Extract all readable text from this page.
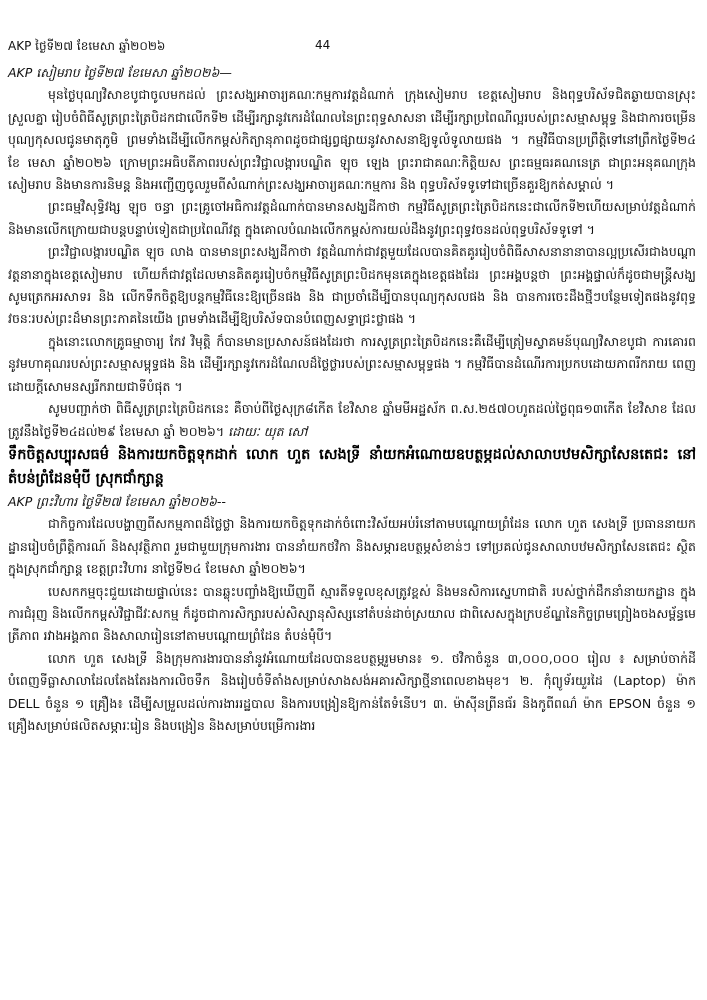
AKP ថ្ងៃទី២៧ ខែមេសា ឆ្នាំ២០២៦	44

AKP សៀមរាប ថ្ងៃទី២៧ ខែមេសា ឆ្នាំ២០២៦—

មុនថ្ងៃបុណ្យវិសាខបូជាចូលមកដល់ ព្រះសង្ឃអាចារ្យគណៈកម្មការវត្តដំណាក់ ក្រុងសៀមរាប ខេត្តសៀមរាប និងពុទ្ធបរិស័ទជិតឆ្ងាយបានស្រុះស្រួលគ្នា រៀបចំពិធីសូត្រព្រះត្រៃបិដកជាលើកទី២ ដើម្បីរក្សានូវកេរដំណែលនៃព្រះពុទ្ធសាសនា ដើម្បីរក្សាប្រពៃណីល្អរបស់ព្រះសម្មាសម្ពុទ្ធ និងជាការចម្រើនបុណ្យកុសលជូនមាតុភូមិ ព្រមទាំងដើម្បីលើកកម្ពស់កិត្យានុភាពដូចជាផ្សព្វផ្សាយនូវសាសនាឱ្យទូលំទូលាយផង ។ កម្មវិធីបានប្រព្រឹត្តិទៅនៅព្រឹកថ្ងៃទី២៤ ខែ មេសា ឆ្នាំ២០២៦ ក្រោមព្រះអធិបតីភាពរបស់ព្រះវិជ្ជាលង្ការបណ្ឌិត ឡុច ឡេង ព្រះរាជាគណៈកិត្តិយស ព្រះធម្មធរគណនេត្រ ជាព្រះអនុគណក្រុងសៀមរាប និងមានការនិមន្ត និងអញ្ជើញចូលរួមពីសំណាក់ព្រះសង្ឃអាចារ្យគណៈកម្មការ និង ពុទ្ធបរិស័ទទូទៅជាច្រើនគួរឱ្យកត់សម្គាល់ ។

ព្រះធម្មវិសុទ្ធិវង្ស ឡុច ចន្ធា ព្រះគ្រូចៅអធិការវត្តដំណាក់បានមានសង្ឃដីកាថា កម្មវិធីសូត្រព្រះត្រៃបិដកនេះជាលើកទី២ហើយសម្រាប់វត្តដំណាក់ និងមានលើកក្រោយជាបន្តបន្ទាប់ទៀតជាប្រពៃណីវត្ត ក្នុងគោលបំណងលើកកម្ពស់ការយល់ដឹងនូវព្រះពុទ្ធវចនដល់ពុទ្ធបរិស័ទទូទៅ ។

ព្រះវិជ្ជាលង្ការបណ្ឌិត ឡុច លាង បានមានព្រះសង្ឃដីកាថា វត្តដំណាក់ជាវត្តមួយដែលបានគិតគូររៀបចំពិធីសាសនានានាបានល្អប្រសើរជាងបណ្តាវត្តនានាក្នុងខេត្តសៀមរាប ហើយក៏ជាវត្តដែលមានគិតគូររៀបចំកម្មវិធីសូត្រព្រះបិដកមុនគេក្នុងខេត្តផងដែរ ព្រះអង្គបន្តថា ព្រះអង្គផ្ទាល់ក៏ដូចជាមន្ត្រីសង្ឃសូមត្រេកអរសាទរ និង លើកទឹកចិត្តឱ្យបន្តកម្មវិធីនេះឱ្យច្រើនផង និង ជាប្រចាំដើម្បីបានបុណ្យកុសលផង និង បានការចេះដឹងថ្មីៗបន្ថែមទៀតផងនូវពុទ្ធវចនៈរបស់ព្រះដ៏មានព្រះភាគនៃយើង ព្រមទាំងដើម្បីឱ្យបរិស័ទបានបំពេញសទ្ធាជ្រះថ្លាផង ។

ក្នុងនោះលោកគ្រូធម្មាចារ្យ កែវ វិមុត្តិ ក៏បានមានប្រសាសន៍ផងដែរថា ការសូត្រព្រះត្រៃបិដកនេះគឺដើម្បីត្រៀមស្វាគមន៍បុណ្យវិសាខបូជា ការគោរពនូវមហាគុណរបស់ព្រះសម្មាសម្ពុទ្ធផង និង ដើម្បីរក្សានូវកេរដំណែលដ៏ថ្លៃថ្លារបស់ព្រះសម្មាសម្ពុទ្ធផង ។ កម្មវិធីបានដំណើរការប្រកបដោយភាពរីករាយ ពេញដោយក្ដីសោមនស្សរីករាយជាទីបំផុត ។

សូមបញ្ជាក់ថា ពិធីសូត្រព្រះត្រៃបិដកនេះ គឺចាប់ពីថ្ងៃសុក្រ៨កើត ខែវិសាខ ឆ្នាំមមីអដ្ឋស័ក ព.ស.២៥៧០ហូតដល់ថ្ងៃពុធ១៣កើត ខែវិសាខ ដែលត្រូវនឹងថ្ងៃទី២៤ដល់២៩ ខែមេសា ឆ្នាំ ២០២៦។ ដោយៈ យុត សៅ

ទឹកចិត្តសប្បុរសធម៌ និងការយកចិត្តទុកដាក់ លោក ហួត សេងទ្រី នាំយកអំណោយឧបត្ថម្ភដល់សាលាបឋមសិក្សាសែនតេជះ នៅតំបន់ព្រំដែនម៉ុំបី ស្រុកជាំក្សាន្ត

AKP ព្រះវិហារ ថ្ងៃទី២៧ ខែមេសា ឆ្នាំ២០២៦--

ជាកិច្ចការដែលបង្ហាញពីសកម្មភាពដ៏ថ្លៃថ្លា និងការយកចិត្តទុកដាក់ចំពោះវិស័យអប់រំនៅតាមបណ្តោយព្រំដែន លោក ហួត សេងទ្រី ប្រធាននាយកដ្ឋានរៀបចំព្រឹត្តិការណ៍ និងសុវត្ថិភាព រួមជាមួយក្រុមការងារ បាននាំយកថវិកា និងសម្ភារឧបត្ថម្ភសំខាន់ៗ ទៅប្រគល់ជូនសាលាបឋមសិក្សាសែនតេជះ ស្ថិតក្នុងស្រុកជាំក្សាន្ត ខេត្តព្រះវិហារ នាថ្ងៃទី២៤ ខែមេសា ឆ្នាំ២០២៦។

បេសកកម្មចុះជួយដោយផ្ទាល់នេះ បានឆ្លុះបញ្ចាំងឱ្យឃើញពី ស្មារតីទទួលខុសត្រូវខ្ពស់ និងមនសិការស្នេហាជាតិ របស់ថ្នាក់ដឹកនាំនាយកដ្ឋាន ក្នុងការជំរុញ និងលើកកម្ពស់វិជ្ជាជីវៈសកម្ម ក៏ដូចជាការសិក្សារបស់សិស្សានុសិស្សនៅតំបន់ដាច់ស្រយាល ជាពិសេសក្នុងក្របខ័ណ្ឌនៃកិច្ចព្រមព្រៀងចងសម្ព័ន្ធមេត្រីភាព រវាងអង្គភាព និងសាលារៀននៅតាមបណ្តោយព្រំដែន តំបន់ម៉ុំបី។

លោក ហួត សេងទ្រី និងក្រុមការងារបាននាំនូវអំណោយដែលបានឧបត្ថម្ភរួមមាន៖ ១. ថវិកាចំនួន ៣,០០០,០០០ រៀល ៖ សម្រាប់ចាក់ដីបំពេញទីធ្លាសាលាដែលតែងតែរងការលិចទឹក និងរៀបចំទីតាំងសម្រាប់សាងសង់អគារសិក្សាថ្មីនាពេលខាងមុខ។ ២. កុំព្យូទ័រយួរដៃ (Laptop) ម៉ាក DELL ចំនួន ១ គ្រឿង៖ ដើម្បីសម្រួលដល់ការងាររដ្ឋបាល និងការបង្រៀនឱ្យកាន់តែទំនើប។ ៣. ម៉ាស៊ីនព្រីនធ័រ និងកូពីពណ៌ ម៉ាក EPSON ចំនួន ១ គ្រឿងសម្រាប់ផលិតសម្ភារៈរៀន និងបង្រៀន និងសម្រាប់បម្រើការងារ
